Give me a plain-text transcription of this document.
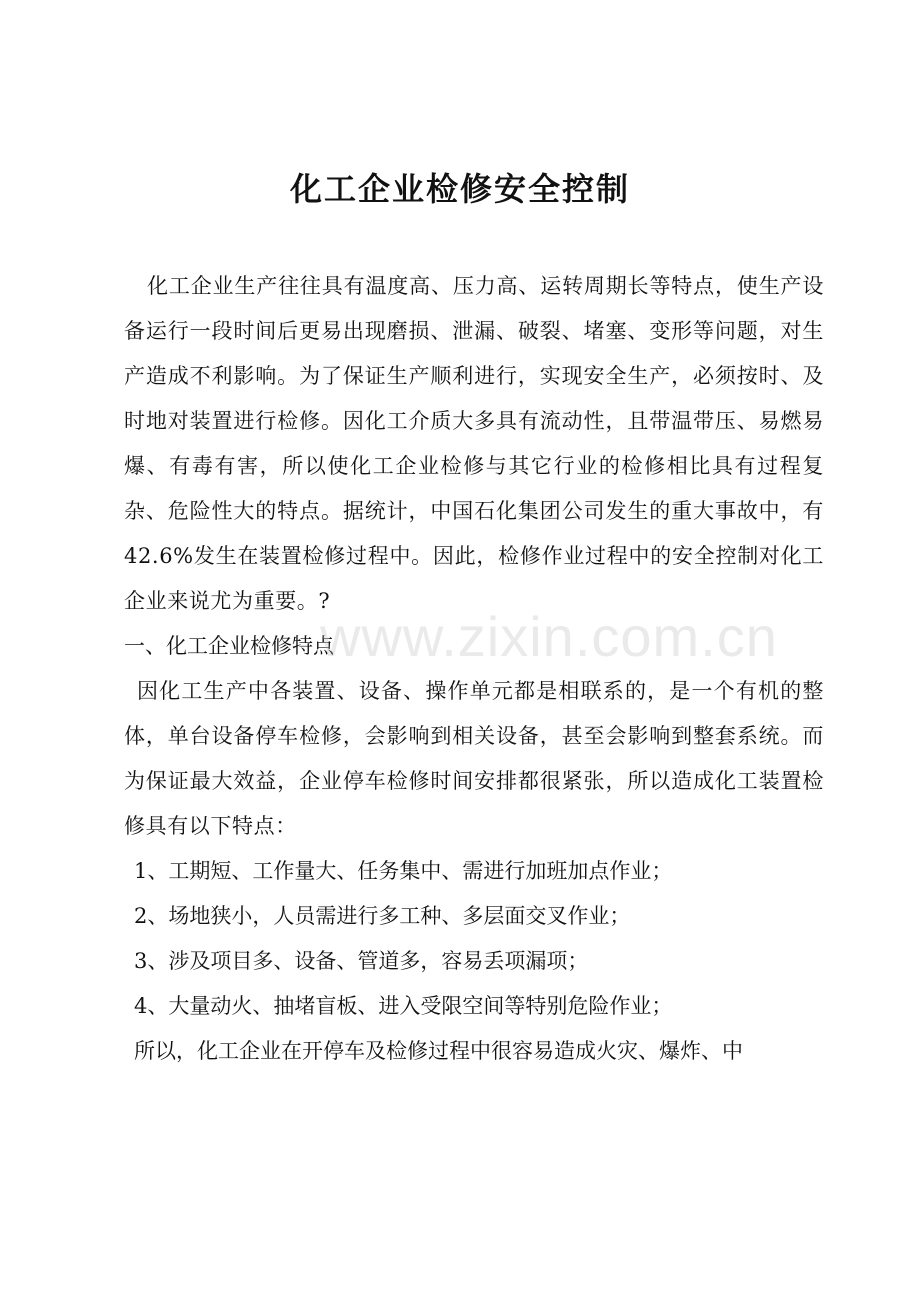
化工企业检修安全控制

化工企业生产往往具有温度高、压力高、运转周期长等特点，使生产设备运行一段时间后更易出现磨损、泄漏、破裂、堵塞、变形等问题，对生产造成不利影响。为了保证生产顺利进行，实现安全生产，必须按时、及时地对装置进行检修。因化工介质大多具有流动性，且带温带压、易燃易爆、有毒有害，所以使化工企业检修与其它行业的检修相比具有过程复杂、危险性大的特点。据统计，中国石化集团公司发生的重大事故中，有42.6%发生在装置检修过程中。因此，检修作业过程中的安全控制对化工企业来说尤为重要。?

一、化工企业检修特点

因化工生产中各装置、设备、操作单元都是相联系的，是一个有机的整体，单台设备停车检修，会影响到相关设备，甚至会影响到整套系统。而为保证最大效益，企业停车检修时间安排都很紧张，所以造成化工装置检修具有以下特点：

1、工期短、工作量大、任务集中、需进行加班加点作业；

2、场地狭小，人员需进行多工种、多层面交叉作业；

3、涉及项目多、设备、管道多，容易丢项漏项；

4、大量动火、抽堵盲板、进入受限空间等特别危险作业；

所以，化工企业在开停车及检修过程中很容易造成火灾、爆炸、中

www.zixin.com.cn
